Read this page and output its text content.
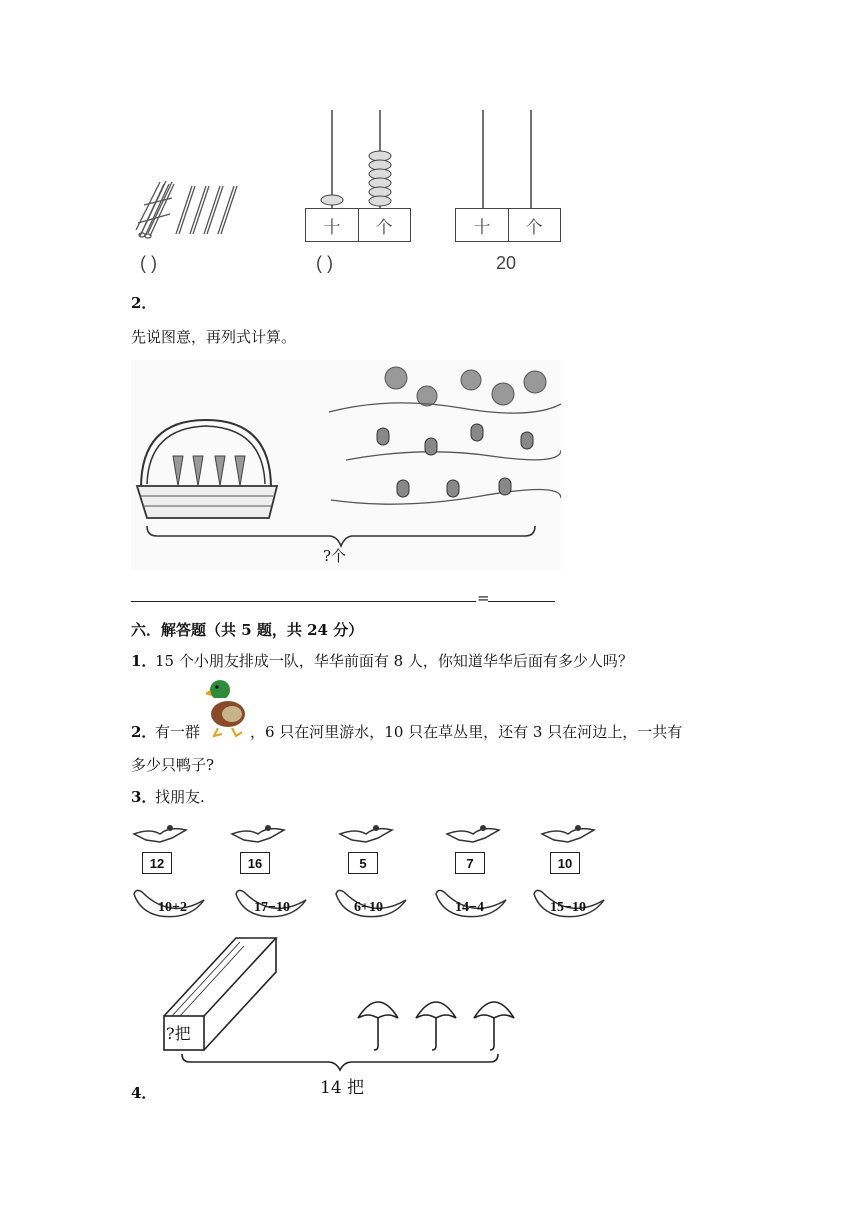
( )
十	个
( )
十	个
20
2．
先说图意，再列式计算。
?个
=
六．解答题（共 5 题，共 24 分）
1．
15 个小朋友排成一队，华华前面有 8 人，你知道华华后面有多少人吗？
2．
有一群	，6 只在河里游水，10 只在草丛里，还有 3 只在河边上，一共有
多少只鸭子?
3．
找朋友.
12	16	5	7	10
10+2	17−10	6+10	14−4	15−10
?把
14 把
4．
